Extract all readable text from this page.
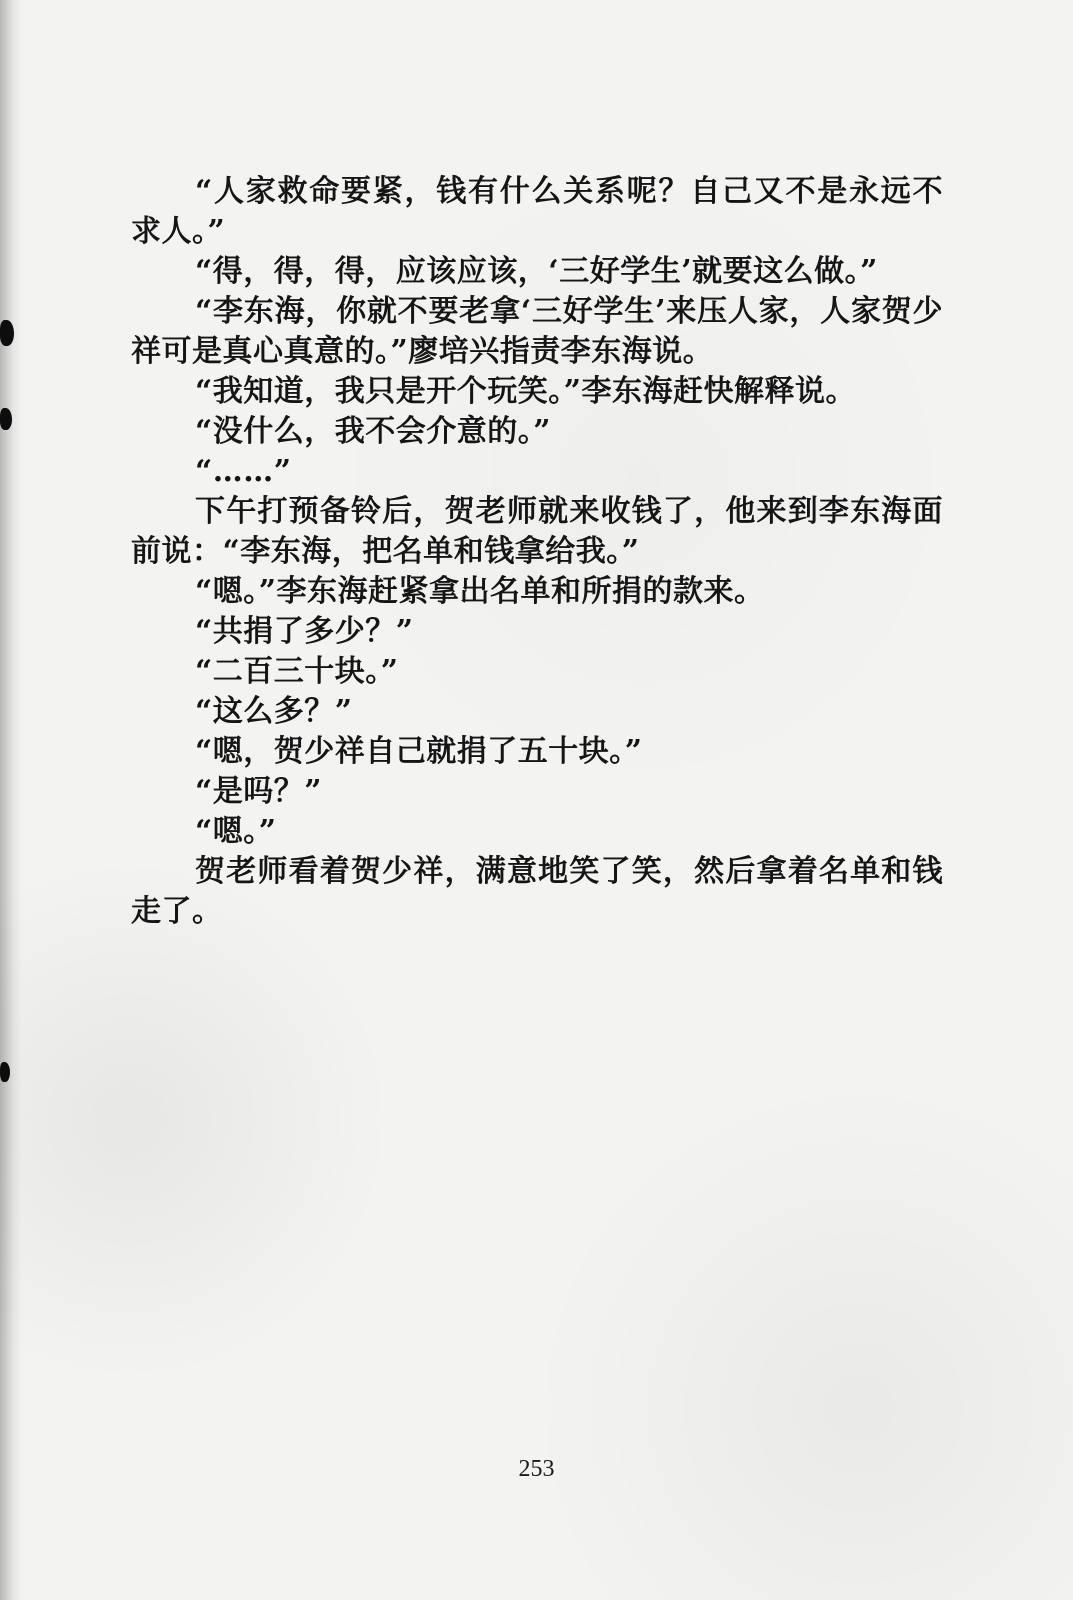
“人家救命要紧，钱有什么关系呢？自己又不是永远不求人。”

“得，得，得，应该应该，‘三好学生’就要这么做。”

“李东海，你就不要老拿‘三好学生’来压人家，人家贺少祥可是真心真意的。”廖培兴指责李东海说。

“我知道，我只是开个玩笑。”李东海赶快解释说。

“没什么，我不会介意的。”

“……”

下午打预备铃后，贺老师就来收钱了，他来到李东海面前说：“李东海，把名单和钱拿给我。”

“嗯。”李东海赶紧拿出名单和所捐的款来。

“共捐了多少？”

“二百三十块。”

“这么多？”

“嗯，贺少祥自己就捐了五十块。”

“是吗？”

“嗯。”

贺老师看着贺少祥，满意地笑了笑，然后拿着名单和钱走了。

253
